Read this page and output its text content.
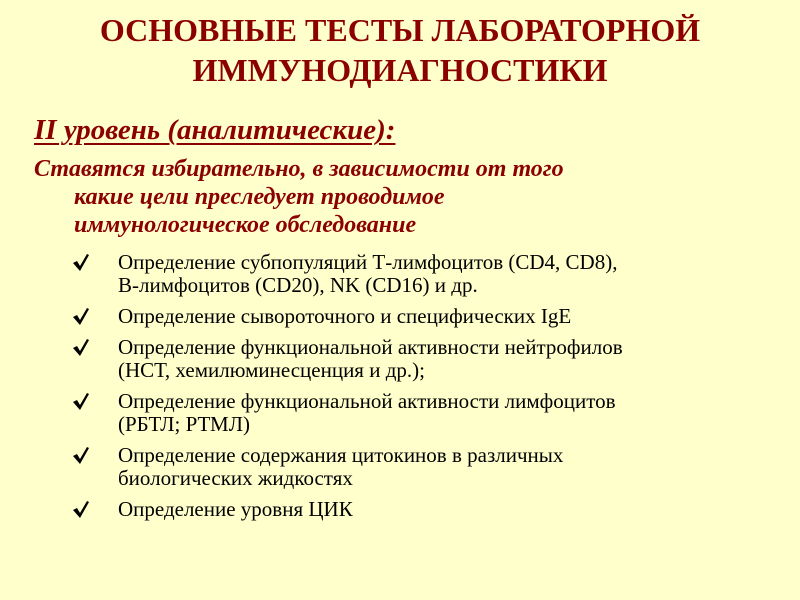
ОСНОВНЫЕ ТЕСТЫ ЛАБОРАТОРНОЙ
ИММУНОДИАГНОСТИКИ
II уровень (аналитические):
Ставятся избирательно, в зависимости от того
какие цели преследует проводимое
иммунологическое обследование
Определение субпопуляций Т-лимфоцитов (CD4, CD8),
В-лимфоцитов (CD20), NK (CD16) и др.
Определение сывороточного и специфических IgE
Определение функциональной активности нейтрофилов
(НСТ, хемилюминесценция и др.);
Определение функциональной активности лимфоцитов
(РБТЛ; РТМЛ)
Определение содержания цитокинов в различных
биологических жидкостях
Определение уровня ЦИК
